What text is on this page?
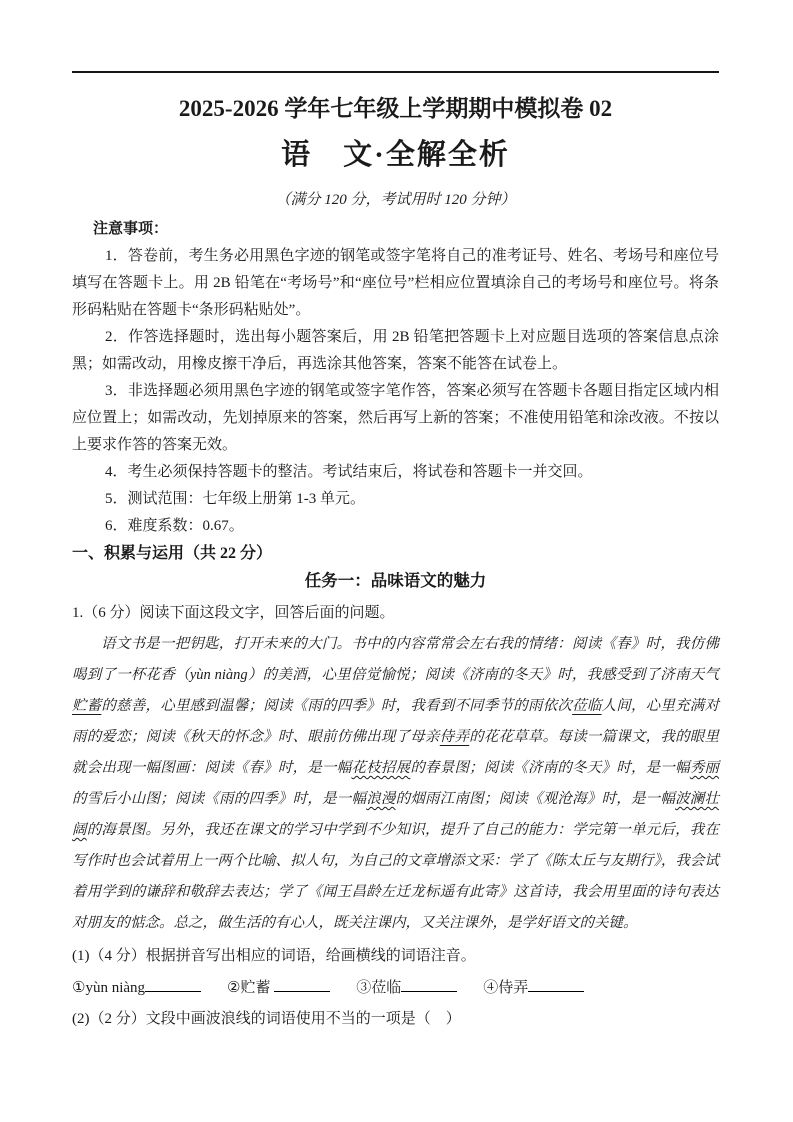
2025-2026 学年七年级上学期期中模拟卷 02
语　文·全解全析

（满分 120 分，考试用时 120 分钟）

注意事项：

1．答卷前，考生务必用黑色字迹的钢笔或签字笔将自己的准考证号、姓名、考场号和座位号填写在答题卡上。用 2B 铅笔在“考场号”和“座位号”栏相应位置填涂自己的考场号和座位号。将条形码粘贴在答题卡“条形码粘贴处”。

2．作答选择题时，选出每小题答案后，用 2B 铅笔把答题卡上对应题目选项的答案信息点涂黑；如需改动，用橡皮擦干净后，再选涂其他答案，答案不能答在试卷上。

3．非选择题必须用黑色字迹的钢笔或签字笔作答，答案必须写在答题卡各题目指定区域内相应位置上；如需改动，先划掉原来的答案，然后再写上新的答案；不准使用铅笔和涂改液。不按以上要求作答的答案无效。

4．考生必须保持答题卡的整洁。考试结束后，将试卷和答题卡一并交回。

5．测试范围：七年级上册第 1-3 单元。

6．难度系数：0.67。

一、积累与运用（共 22 分）
任务一：品味语文的魅力

1.（6 分）阅读下面这段文字，回答后面的问题。

语文书是一把钥匙，打开未来的大门。书中的内容常常会左右我的情绪：阅读《春》时，我仿佛喝到了一杯花香（yùn niàng）的美酒，心里倍觉愉悦；阅读《济南的冬天》时，我感受到了济南天气贮蓄的慈善，心里感到温馨；阅读《雨的四季》时，我看到不同季节的雨依次莅临人间，心里充满对雨的爱恋；阅读《秋天的怀念》时、眼前仿佛出现了母亲侍弄的花花草草。每读一篇课文，我的眼里就会出现一幅图画：阅读《春》时，是一幅花枝招展的春景图；阅读《济南的冬天》时，是一幅秀丽的雪后小山图；阅读《雨的四季》时，是一幅浪漫的烟雨江南图；阅读《观沧海》时，是一幅波澜壮阔的海景图。另外，我还在课文的学习中学到不少知识，提升了自己的能力：学完第一单元后，我在写作时也会试着用上一两个比喻、拟人句，为自己的文章增添文采：学了《陈太丘与友期行》，我会试着用学到的谦辞和敬辞去表达；学了《闻王昌龄左迁龙标遥有此寄》这首诗，我会用里面的诗句表达对朋友的惦念。总之，做生活的有心人，既关注课内，又关注课外，是学好语文的关键。

(1)（4 分）根据拼音写出相应的词语，给画横线的词语注音。

①yùn niàng	②贮蓄	③莅临	④侍弄

(2)（2 分）文段中画波浪线的词语使用不当的一项是（　）
